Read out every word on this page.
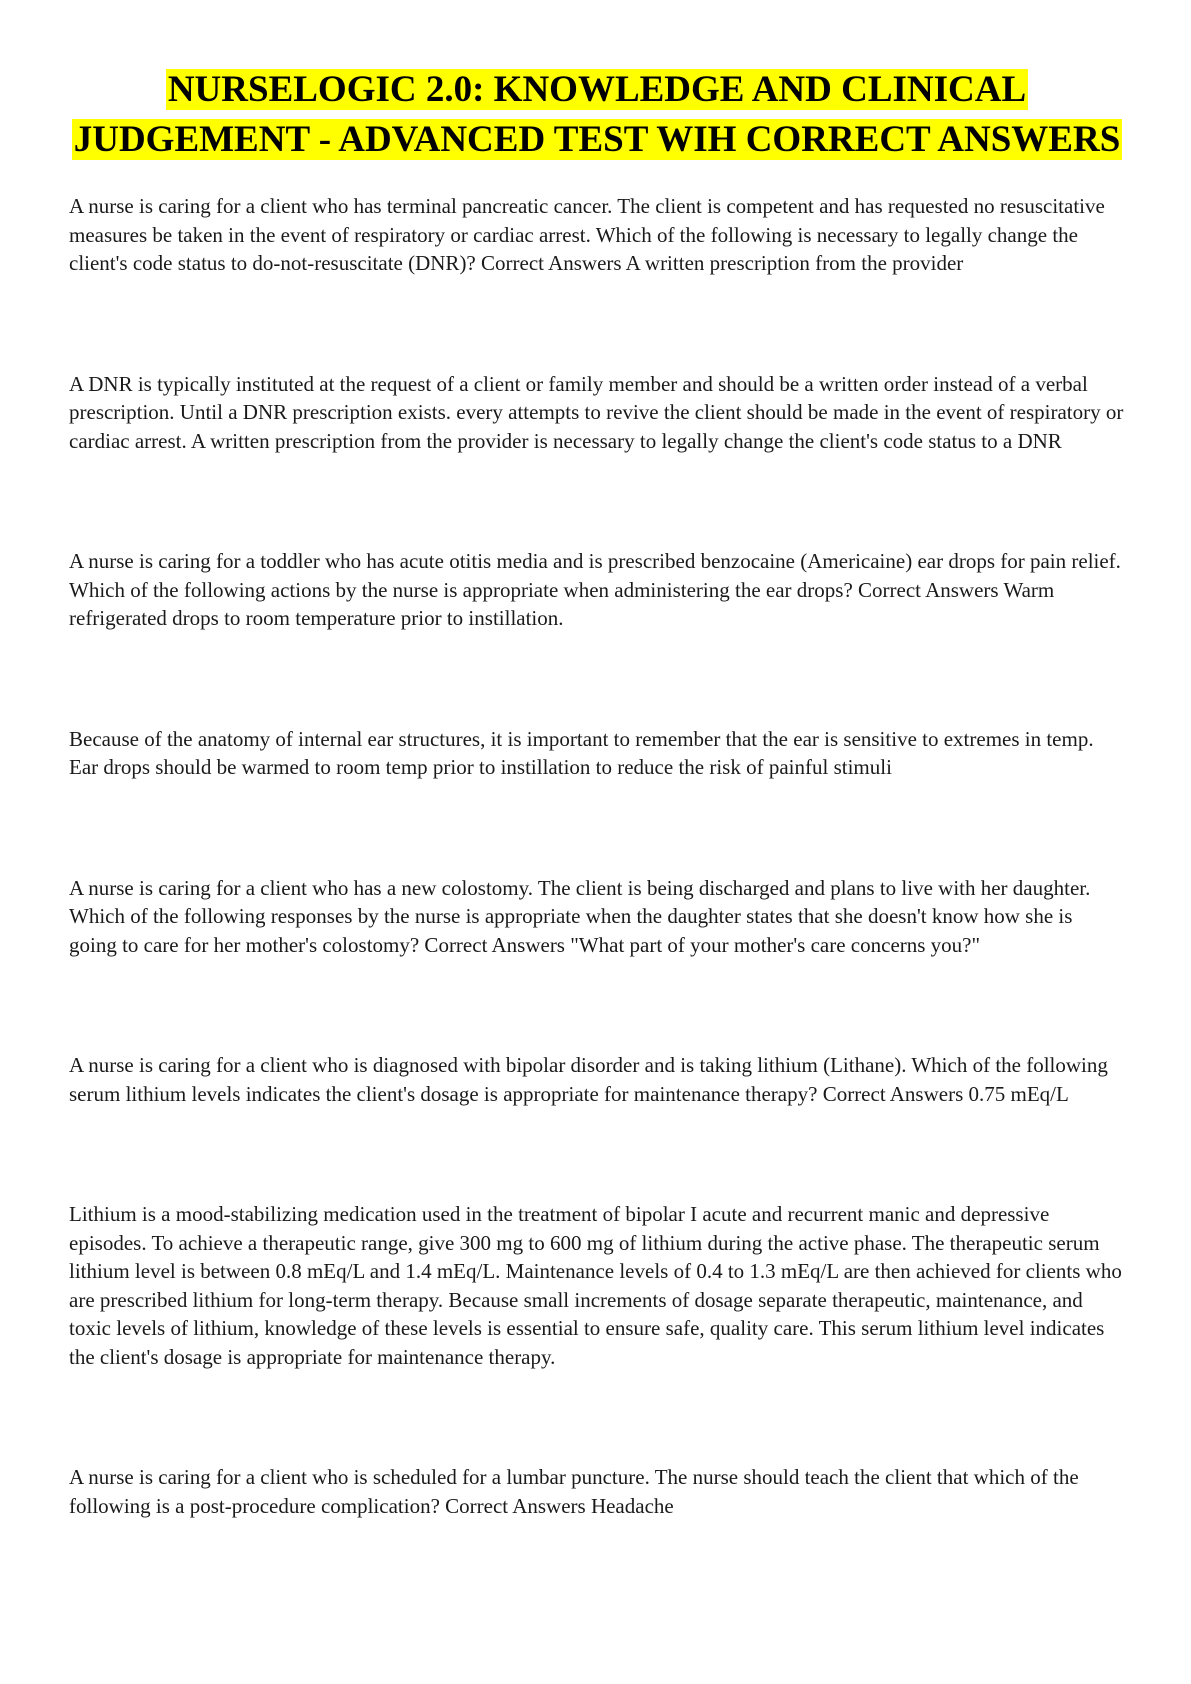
NURSELOGIC 2.0: KNOWLEDGE AND CLINICAL JUDGEMENT - ADVANCED TEST WIH CORRECT ANSWERS

A nurse is caring for a client who has terminal pancreatic cancer. The client is competent and has requested no resuscitative measures be taken in the event of respiratory or cardiac arrest. Which of the following is necessary to legally change the client's code status to do-not-resuscitate (DNR)? Correct Answers A written prescription from the provider

A DNR is typically instituted at the request of a client or family member and should be a written order instead of a verbal prescription. Until a DNR prescription exists. every attempts to revive the client should be made in the event of respiratory or cardiac arrest. A written prescription from the provider is necessary to legally change the client's code status to a DNR

A nurse is caring for a toddler who has acute otitis media and is prescribed benzocaine (Americaine) ear drops for pain relief. Which of the following actions by the nurse is appropriate when administering the ear drops? Correct Answers Warm refrigerated drops to room temperature prior to instillation.

Because of the anatomy of internal ear structures, it is important to remember that the ear is sensitive to extremes in temp. Ear drops should be warmed to room temp prior to instillation to reduce the risk of painful stimuli

A nurse is caring for a client who has a new colostomy. The client is being discharged and plans to live with her daughter. Which of the following responses by the nurse is appropriate when the daughter states that she doesn't know how she is going to care for her mother's colostomy? Correct Answers "What part of your mother's care concerns you?"

A nurse is caring for a client who is diagnosed with bipolar disorder and is taking lithium (Lithane). Which of the following serum lithium levels indicates the client's dosage is appropriate for maintenance therapy? Correct Answers 0.75 mEq/L

Lithium is a mood-stabilizing medication used in the treatment of bipolar I acute and recurrent manic and depressive episodes. To achieve a therapeutic range, give 300 mg to 600 mg of lithium during the active phase. The therapeutic serum lithium level is between 0.8 mEq/L and 1.4 mEq/L. Maintenance levels of 0.4 to 1.3 mEq/L are then achieved for clients who are prescribed lithium for long-term therapy. Because small increments of dosage separate therapeutic, maintenance, and toxic levels of lithium, knowledge of these levels is essential to ensure safe, quality care. This serum lithium level indicates the client's dosage is appropriate for maintenance therapy.

A nurse is caring for a client who is scheduled for a lumbar puncture. The nurse should teach the client that which of the following is a post-procedure complication? Correct Answers Headache
